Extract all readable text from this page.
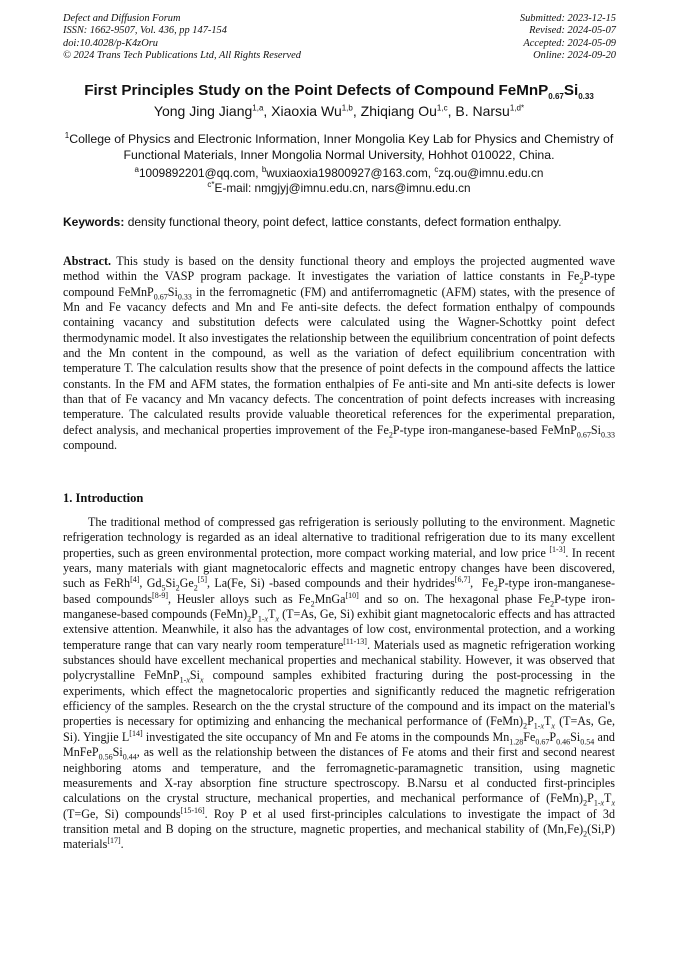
Defect and Diffusion Forum
ISSN: 1662-9507, Vol. 436, pp 147-154
doi:10.4028/p-K4zOru
© 2024 Trans Tech Publications Ltd, All Rights Reserved
Submitted: 2023-12-15
Revised: 2024-05-07
Accepted: 2024-05-09
Online: 2024-09-20
First Principles Study on the Point Defects of Compound $FeMnP_{0.67}Si_{0.33}$
Yong Jing Jiang$^{1,a}$, Xiaoxia Wu$^{1,b}$, Zhiqiang Ou$^{1,c}$, B. Narsu$^{1,d*}$
$^1$College of Physics and Electronic Information, Inner Mongolia Key Lab for Physics and Chemistry of Functional Materials, Inner Mongolia Normal University, Hohhot 010022, China.
$^a$1009892201@qq.com, $^b$wuxiaoxia19800927@163.com, $^c$zq.ou@imnu.edu.cn
$^{c*}$E-mail: nmgjyj@imnu.edu.cn, nars@imnu.edu.cn
Keywords: density functional theory, point defect, lattice constants, defect formation enthalpy.
Abstract. This study is based on the density functional theory and employs the projected augmented wave method within the VASP program package. It investigates the variation of lattice constants in $Fe_2P$-type compound $FeMnP_{0.67}Si_{0.33}$ in the ferromagnetic (FM) and antiferromagnetic (AFM) states, with the presence of Mn and Fe vacancy defects and Mn and Fe anti-site defects. the defect formation enthalpy of compounds containing vacancy and substitution defects were calculated using the Wagner-Schottky point defect thermodynamic model. It also investigates the relationship between the equilibrium concentration of point defects and the Mn content in the compound, as well as the variation of defect equilibrium concentration with temperature T. The calculation results show that the presence of point defects in the compound affects the lattice constants. In the FM and AFM states, the formation enthalpies of Fe anti-site and Mn anti-site defects is lower than that of Fe vacancy and Mn vacancy defects. The concentration of point defects increases with increasing temperature. The calculated results provide valuable theoretical references for the experimental preparation, defect analysis, and mechanical properties improvement of the $Fe_2P$-type iron-manganese-based $FeMnP_{0.67}Si_{0.33}$ compound.
1. Introduction
The traditional method of compressed gas refrigeration is seriously polluting to the environment. Magnetic refrigeration technology is regarded as an ideal alternative to traditional refrigeration due to its many excellent properties, such as green environmental protection, more compact working material, and low price [1-3]. In recent years, many materials with giant magnetocaloric effects and magnetic entropy changes have been discovered, such as FeRh[4], $Gd_5Si_2Ge_2[5]$, La(Fe, Si) -based compounds and their hydrides[6,7],  $Fe_2P$-type iron-manganese-based compounds[8-9], Heusler alloys such as $Fe_2MnGa[10]$ and so on. The hexagonal phase $Fe_2P$-type iron-manganese-based compounds $(FeMn)_2P_{1-x}T_x$ (T=As, Ge, Si) exhibit giant magnetocaloric effects and has attracted extensive attention. Meanwhile, it also has the advantages of low cost, environmental protection, and a working temperature range that can vary nearly room temperature[11-13]. Materials used as magnetic refrigeration working substances should have excellent mechanical properties and mechanical stability. However, it was observed that polycrystalline $FeMnP_{1-x}Si_x$ compound samples exhibited fracturing during the post-processing in the experiments, which effect the magnetocaloric properties and significantly reduced the magnetic refrigeration efficiency of the samples. Research on the the crystal structure of the compound and its impact on the material's properties is necessary for optimizing and enhancing the mechanical performance of $(FeMn)_2P_{1-x}T_x$ (T=As, Ge, Si). Yingjie L[14] investigated the site occupancy of Mn and Fe atoms in the compounds $Mn_{1.28}Fe_{0.67}P_{0.46}Si_{0.54}$ and $MnFeP_{0.56}Si_{0.44}$, as well as the relationship between the distances of Fe atoms and their first and second nearest neighboring atoms and temperature, and the ferromagnetic-paramagnetic transition, using magnetic measurements and X-ray absorption fine structure spectroscopy. B.Narsu et al conducted first-principles calculations on the crystal structure, mechanical properties, and mechanical performance of $(FeMn)_2P_{1-x}T_x$ (T=Ge, Si) compounds[15-16]. Roy P et al used first-principles calculations to investigate the impact of 3d transition metal and B doping on the structure, magnetic properties, and mechanical stability of $(Mn,Fe)_2(Si,P)$ materials[17].
